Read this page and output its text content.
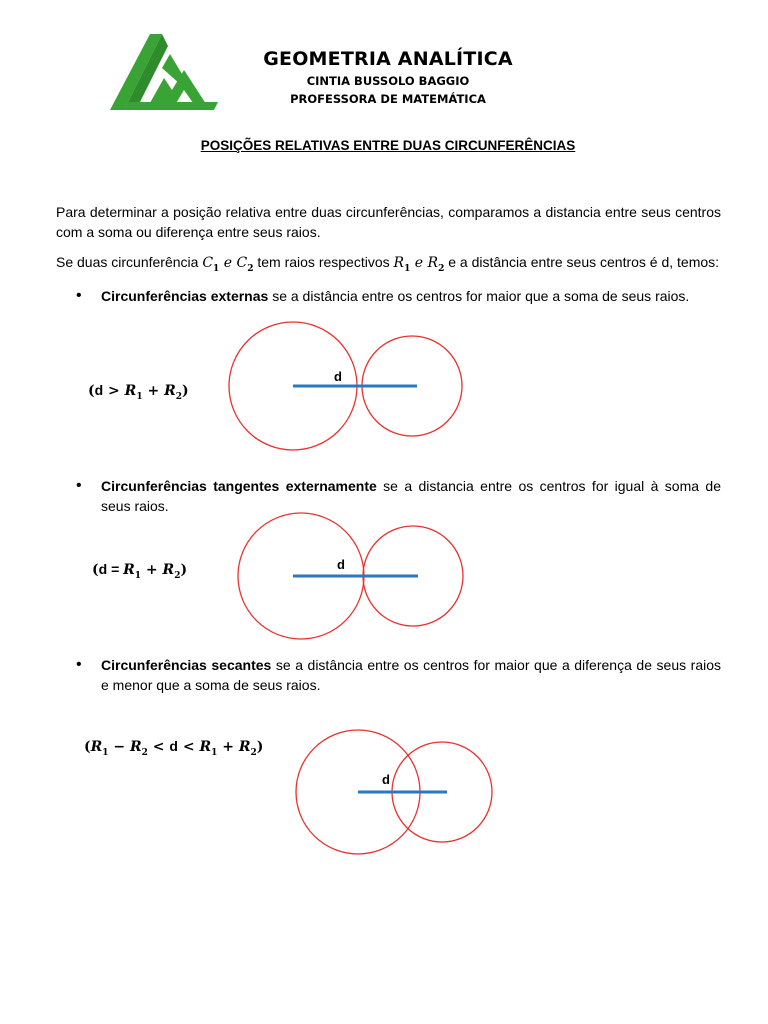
GEOMETRIA ANALÍTICA
CINTIA BUSSOLO BAGGIO
PROFESSORA DE MATEMÁTICA
POSIÇÕES RELATIVAS ENTRE DUAS CIRCUNFERÊNCIAS
Para determinar a posição relativa entre duas circunferências, comparamos a distancia entre seus centros com a soma ou diferença entre seus raios.
Se duas circunferência $C_1$ e $C_2$ tem raios respectivos $R_1$ e $R_2$ e a distância entre seus centros é d, temos:
• Circunferências externas se a distância entre os centros for maior que a soma de seus raios.
$(d > R_1 + R_2)$
d
d
d
• Circunferências tangentes externamente se a distancia entre os centros for igual à soma de seus raios.
$(d = R_1 + R_2)$
• Circunferências secantes se a distância entre os centros for maior que a diferença de seus raios e menor que a soma de seus raios.
$(R_1 - R_2 < d < R_1 + R_2)$
